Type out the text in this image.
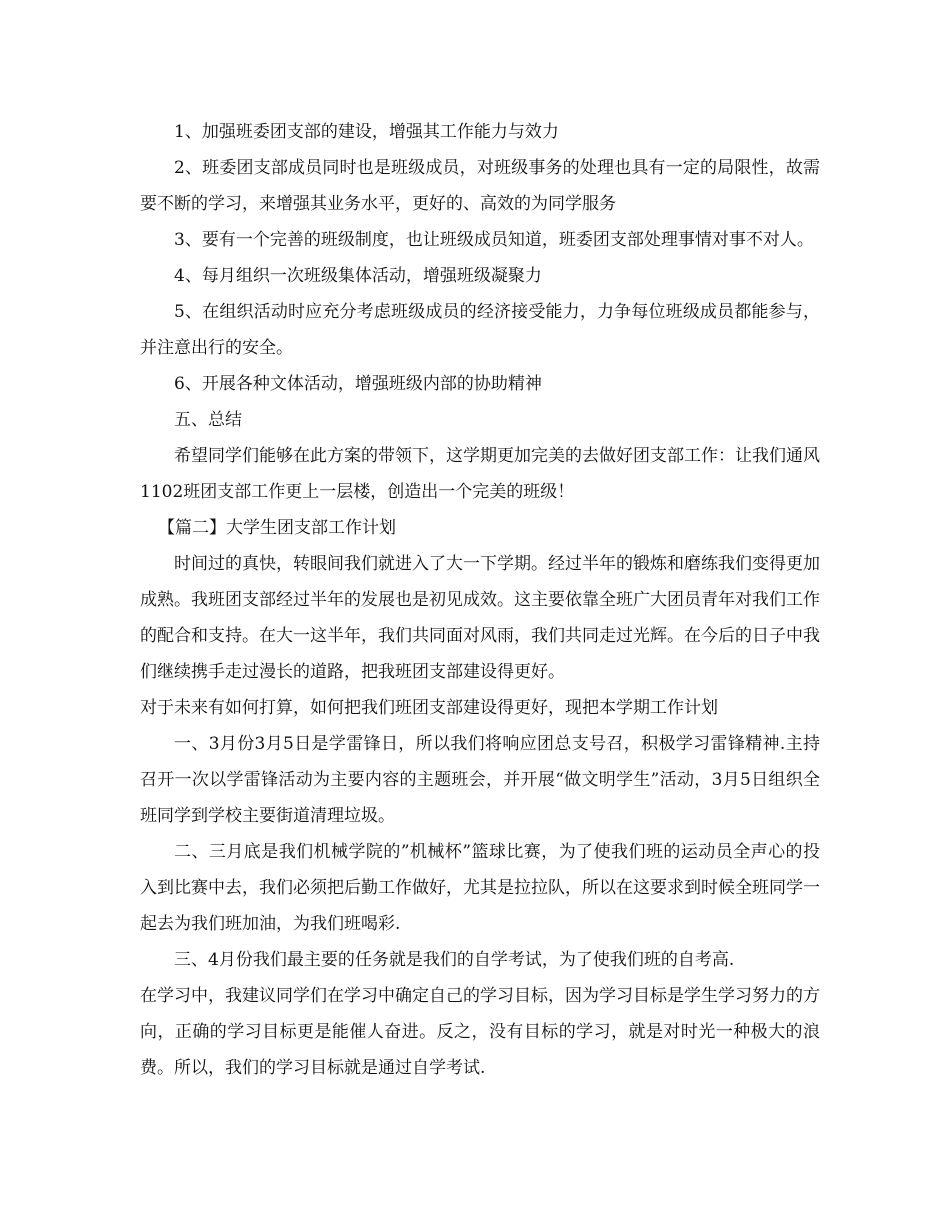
1、加强班委团支部的建设，增强其工作能力与效力

2、班委团支部成员同时也是班级成员，对班级事务的处理也具有一定的局限性，故需要不断的学习，来增强其业务水平，更好的、高效的为同学服务

3、要有一个完善的班级制度，也让班级成员知道，班委团支部处理事情对事不对人。

4、每月组织一次班级集体活动，增强班级凝聚力

5、在组织活动时应充分考虑班级成员的经济接受能力，力争每位班级成员都能参与，并注意出行的安全。

6、开展各种文体活动，增强班级内部的协助精神

五、总结

希望同学们能够在此方案的带领下，这学期更加完美的去做好团支部工作：让我们通风1102班团支部工作更上一层楼，创造出一个完美的班级！

【篇二】大学生团支部工作计划

时间过的真快，转眼间我们就进入了大一下学期。经过半年的锻炼和磨练我们变得更加成熟。我班团支部经过半年的发展也是初见成效。这主要依靠全班广大团员青年对我们工作的配合和支持。在大一这半年，我们共同面对风雨，我们共同走过光辉。在今后的日子中我们继续携手走过漫长的道路，把我班团支部建设得更好。

对于未来有如何打算，如何把我们班团支部建设得更好，现把本学期工作计划

一、3月份3月5日是学雷锋日，所以我们将响应团总支号召，积极学习雷锋精神.主持召开一次以学雷锋活动为主要内容的主题班会，并开展“做文明学生”活动，3月5日组织全班同学到学校主要街道清理垃圾。

二、三月底是我们机械学院的”机械杯”篮球比赛，为了使我们班的运动员全声心的投入到比赛中去，我们必须把后勤工作做好，尤其是拉拉队，所以在这要求到时候全班同学一起去为我们班加油，为我们班喝彩.

三、4月份我们最主要的任务就是我们的自学考试，为了使我们班的自考高.

在学习中，我建议同学们在学习中确定自己的学习目标，因为学习目标是学生学习努力的方向，正确的学习目标更是能催人奋进。反之，没有目标的学习，就是对时光一种极大的浪费。所以，我们的学习目标就是通过自学考试.
